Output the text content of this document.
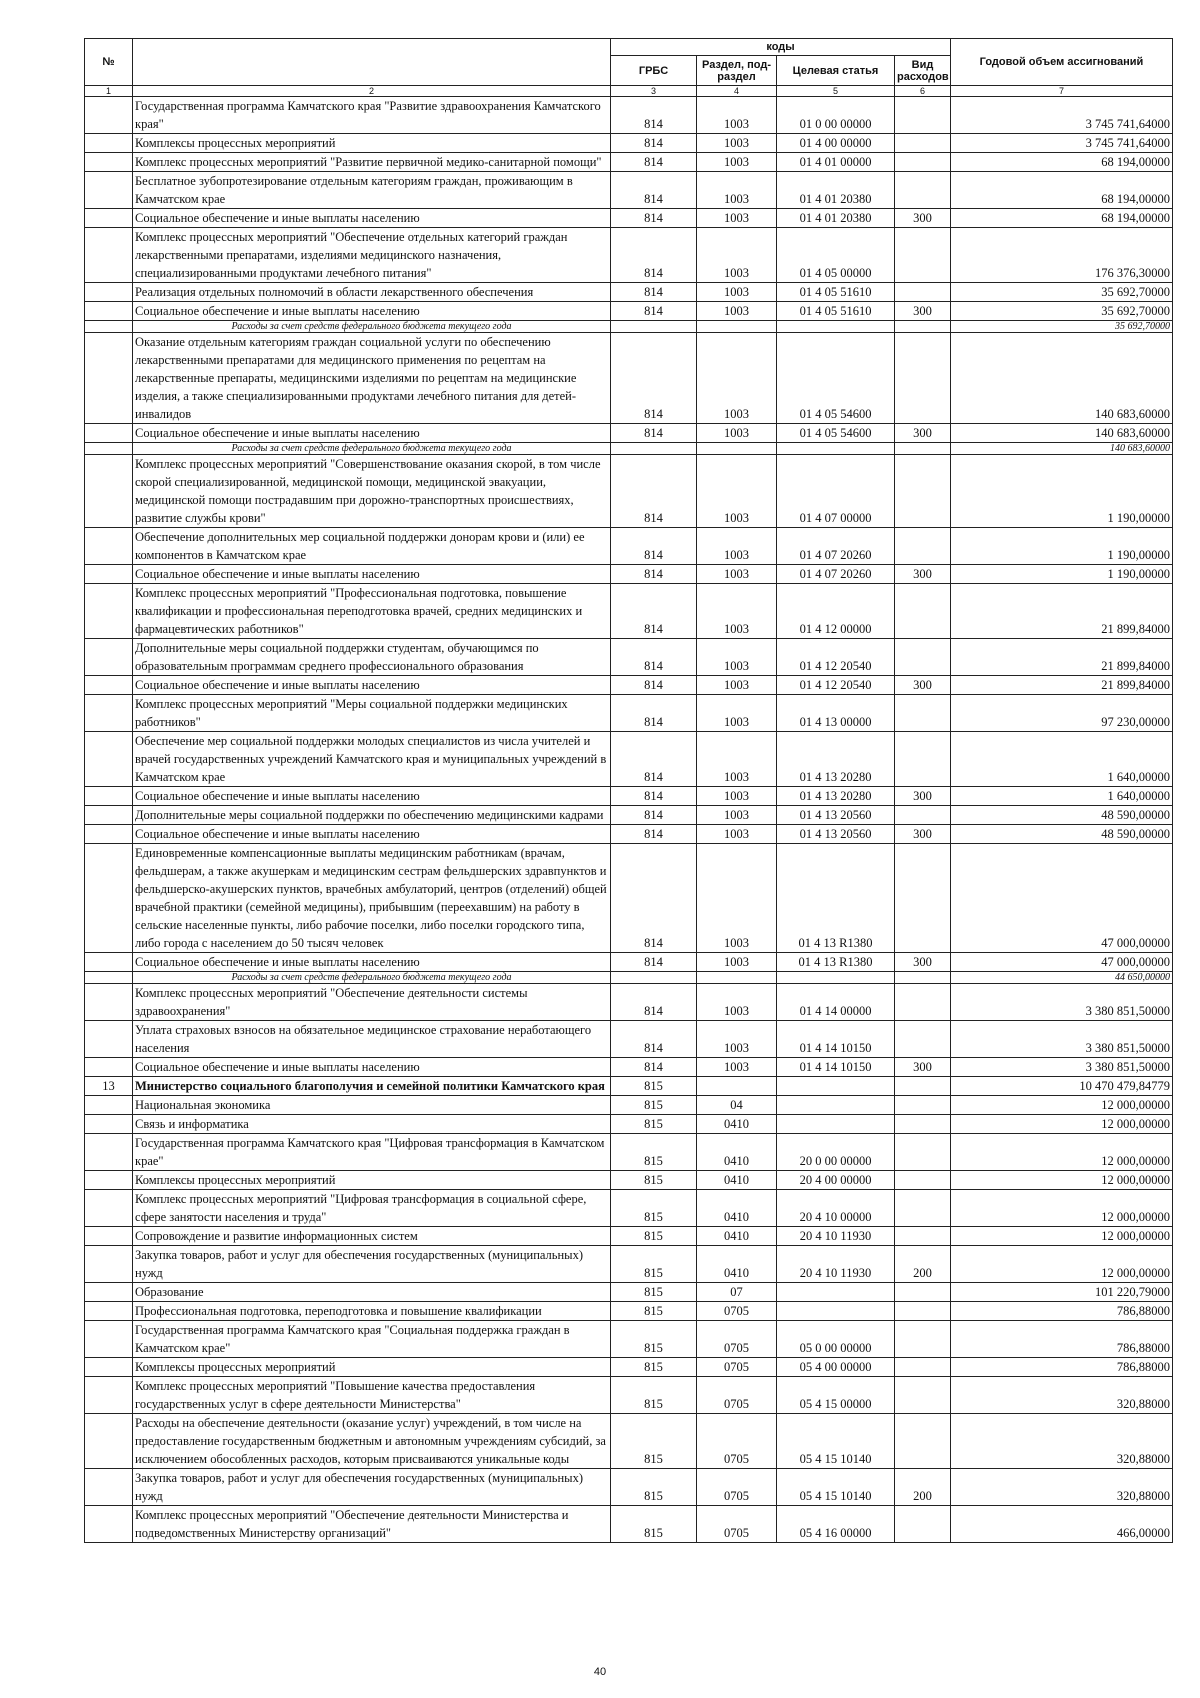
№		коды				Годовой объем ассигнований
		ГРБС	Раздел, под-раздел	Целевая статья	Вид расходов	
1	2	3	4	5	6	7
	Государственная программа Камчатского края "Развитие здравоохранения Камчатского края"	814	1003	01 0 00 00000		3 745 741,64000
	Комплексы процессных мероприятий	814	1003	01 4 00 00000		3 745 741,64000
	Комплекс процессных мероприятий "Развитие первичной медико-санитарной помощи"	814	1003	01 4 01 00000		68 194,00000
	Бесплатное зубопротезирование отдельным категориям граждан, проживающим в Камчатском крае	814	1003	01 4 01 20380		68 194,00000
	Социальное обеспечение и иные выплаты населению	814	1003	01 4 01 20380	300	68 194,00000
	Комплекс процессных мероприятий "Обеспечение отдельных категорий граждан лекарственными препаратами, изделиями медицинского назначения, специализированными продуктами лечебного питания"	814	1003	01 4 05 00000		176 376,30000
	Реализация отдельных полномочий в области лекарственного обеспечения	814	1003	01 4 05 51610		35 692,70000
	Социальное обеспечение и иные выплаты населению	814	1003	01 4 05 51610	300	35 692,70000
	Расходы за счет средств федерального бюджета текущего года					35 692,70000
	Оказание отдельным категориям граждан социальной услуги по обеспечению лекарственными препаратами для медицинского применения по рецептам на лекарственные препараты, медицинскими изделиями по рецептам на медицинские изделия, а также специализированными продуктами лечебного питания для детей-инвалидов	814	1003	01 4 05 54600		140 683,60000
	Социальное обеспечение и иные выплаты населению	814	1003	01 4 05 54600	300	140 683,60000
	Расходы за счет средств федерального бюджета текущего года					140 683,60000
	Комплекс процессных мероприятий "Совершенствование оказания скорой, в том числе скорой специализированной, медицинской помощи, медицинской эвакуации, медицинской помощи пострадавшим при дорожно-транспортных происшествиях, развитие службы крови"	814	1003	01 4 07 00000		1 190,00000
	Обеспечение дополнительных мер социальной поддержки донорам крови и (или) ее компонентов в Камчатском крае	814	1003	01 4 07 20260		1 190,00000
	Социальное обеспечение и иные выплаты населению	814	1003	01 4 07 20260	300	1 190,00000
	Комплекс процессных мероприятий "Профессиональная подготовка, повышение квалификации и профессиональная переподготовка врачей, средних медицинских и фармацевтических работников"	814	1003	01 4 12 00000		21 899,84000
	Дополнительные меры социальной поддержки студентам, обучающимся по образовательным программам среднего профессионального образования	814	1003	01 4 12 20540		21 899,84000
	Социальное обеспечение и иные выплаты населению	814	1003	01 4 12 20540	300	21 899,84000
	Комплекс процессных мероприятий "Меры социальной поддержки медицинских работников"	814	1003	01 4 13 00000		97 230,00000
	Обеспечение мер социальной поддержки молодых специалистов из числа учителей и врачей государственных учреждений Камчатского края и муниципальных учреждений в Камчатском крае	814	1003	01 4 13 20280		1 640,00000
	Социальное обеспечение и иные выплаты населению	814	1003	01 4 13 20280	300	1 640,00000
	Дополнительные меры социальной поддержки по обеспечению медицинскими кадрами	814	1003	01 4 13 20560		48 590,00000
	Социальное обеспечение и иные выплаты населению	814	1003	01 4 13 20560	300	48 590,00000
	Единовременные компенсационные выплаты медицинским работникам (врачам, фельдшерам, а также акушеркам и медицинским сестрам фельдшерских здравпунктов и фельдшерско-акушерских пунктов, врачебных амбулаторий, центров (отделений) общей врачебной практики (семейной медицины), прибывшим (переехавшим) на работу в сельские населенные пункты, либо рабочие поселки, либо поселки городского типа, либо города с населением до 50 тысяч человек	814	1003	01 4 13 R1380		47 000,00000
	Социальное обеспечение и иные выплаты населению	814	1003	01 4 13 R1380	300	47 000,00000
	Расходы за счет средств федерального бюджета текущего года					44 650,00000
	Комплекс процессных мероприятий "Обеспечение деятельности системы здравоохранения"	814	1003	01 4 14 00000		3 380 851,50000
	Уплата страховых взносов на обязательное медицинское страхование неработающего населения	814	1003	01 4 14 10150		3 380 851,50000
	Социальное обеспечение и иные выплаты населению	814	1003	01 4 14 10150	300	3 380 851,50000
13	Министерство социального благополучия и семейной политики Камчатского края	815				10 470 479,84779
	Национальная экономика	815	04			12 000,00000
	Связь и информатика	815	0410			12 000,00000
	Государственная программа Камчатского края "Цифровая трансформация в Камчатском крае"	815	0410	20 0 00 00000		12 000,00000
	Комплексы процессных мероприятий	815	0410	20 4 00 00000		12 000,00000
	Комплекс процессных мероприятий "Цифровая трансформация в социальной сфере, сфере занятости населения и труда"	815	0410	20 4 10 00000		12 000,00000
	Сопровождение и развитие информационных систем	815	0410	20 4 10 11930		12 000,00000
	Закупка товаров, работ и услуг для обеспечения государственных (муниципальных) нужд	815	0410	20 4 10 11930	200	12 000,00000
	Образование	815	07			101 220,79000
	Профессиональная подготовка, переподготовка и повышение квалификации	815	0705			786,88000
	Государственная программа Камчатского края "Социальная поддержка граждан в Камчатском крае"	815	0705	05 0 00 00000		786,88000
	Комплексы процессных мероприятий	815	0705	05 4 00 00000		786,88000
	Комплекс процессных мероприятий "Повышение качества предоставления государственных услуг в сфере деятельности Министерства"	815	0705	05 4 15 00000		320,88000
	Расходы на обеспечение деятельности (оказание услуг) учреждений, в том числе на предоставление государственным бюджетным и автономным учреждениям субсидий, за исключением обособленных расходов, которым присваиваются уникальные коды	815	0705	05 4 15 10140		320,88000
	Закупка товаров, работ и услуг для обеспечения государственных (муниципальных) нужд	815	0705	05 4 15 10140	200	320,88000
	Комплекс процессных мероприятий "Обеспечение деятельности Министерства и подведомственных Министерству организаций"	815	0705	05 4 16 00000		466,00000
40
